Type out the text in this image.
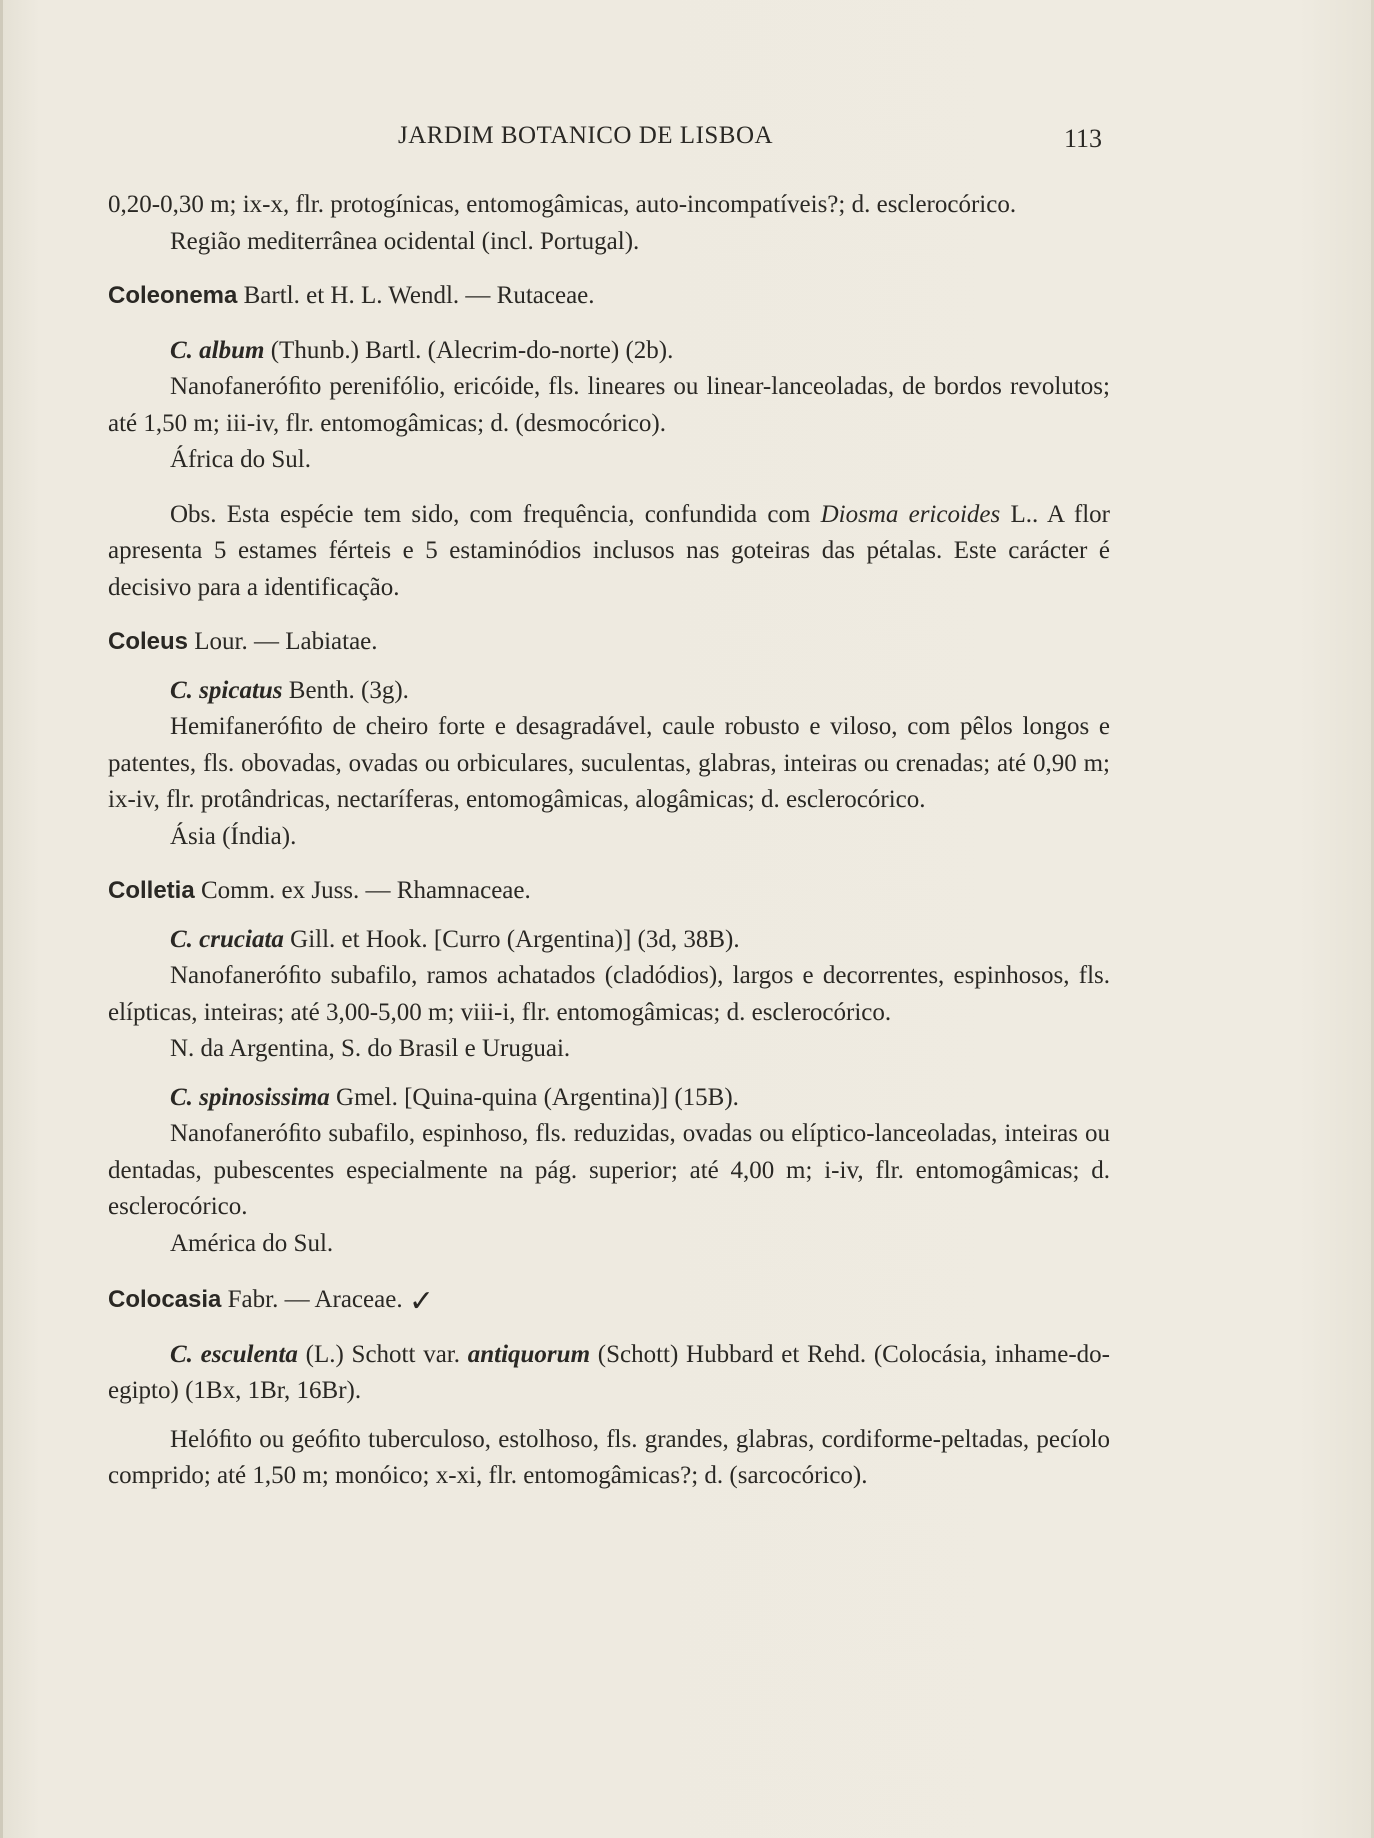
JARDIM BOTANICO DE LISBOA	113

0,20-0,30 m; ix-x, flr. protogínicas, entomogâmicas, auto-incompatíveis?; d. esclerocórico.

Região mediterrânea ocidental (incl. Portugal).

Coleonema Bartl. et H. L. Wendl. — Rutaceae.

C. album (Thunb.) Bartl. (Alecrim-do-norte) (2b).

Nanofaneróﬁto perenifólio, ericóide, fls. lineares ou linear-lanceoladas, de bordos revolutos; até 1,50 m; iii-iv, flr. entomogâmicas; d. (desmocórico).

África do Sul.

Obs. Esta espécie tem sido, com frequência, confundida com Diosma ericoides L.. A flor apresenta 5 estames férteis e 5 estaminódios inclusos nas goteiras das pétalas. Este carácter é decisivo para a identificação.

Coleus Lour. — Labiatae.

C. spicatus Benth. (3g).

Hemifaneróﬁto de cheiro forte e desagradável, caule robusto e viloso, com pêlos longos e patentes, fls. obovadas, ovadas ou orbiculares, suculentas, glabras, inteiras ou crenadas; até 0,90 m; ix-iv, flr. protândricas, nectaríferas, entomogâmicas, alogâmicas; d. esclerocórico.

Ásia (Índia).

Colletia Comm. ex Juss. — Rhamnaceae.

C. cruciata Gill. et Hook. [Curro (Argentina)] (3d, 38B).

Nanofaneróﬁto subafilo, ramos achatados (cladódios), largos e decorrentes, espinhosos, fls. elípticas, inteiras; até 3,00-5,00 m; viii-i, flr. entomogâmicas; d. esclerocórico.

N. da Argentina, S. do Brasil e Uruguai.

C. spinosissima Gmel. [Quina-quina (Argentina)] (15B).

Nanofaneróﬁto subafilo, espinhoso, fls. reduzidas, ovadas ou elíptico-lanceoladas, inteiras ou dentadas, pubescentes especialmente na pág. superior; até 4,00 m; i-iv, flr. entomogâmicas; d. esclerocórico.

América do Sul.

Colocasia Fabr. — Araceae. ✓

C. esculenta (L.) Schott var. antiquorum (Schott) Hubbard et Rehd. (Colocásia, inhame-do-egipto) (1Bx, 1Br, 16Br).

Helóﬁto ou geóﬁto tuberculoso, estolhoso, fls. grandes, glabras, cordiforme-peltadas, pecíolo comprido; até 1,50 m; monóico; x-xi, flr. entomogâmicas?; d. (sarcocórico).
